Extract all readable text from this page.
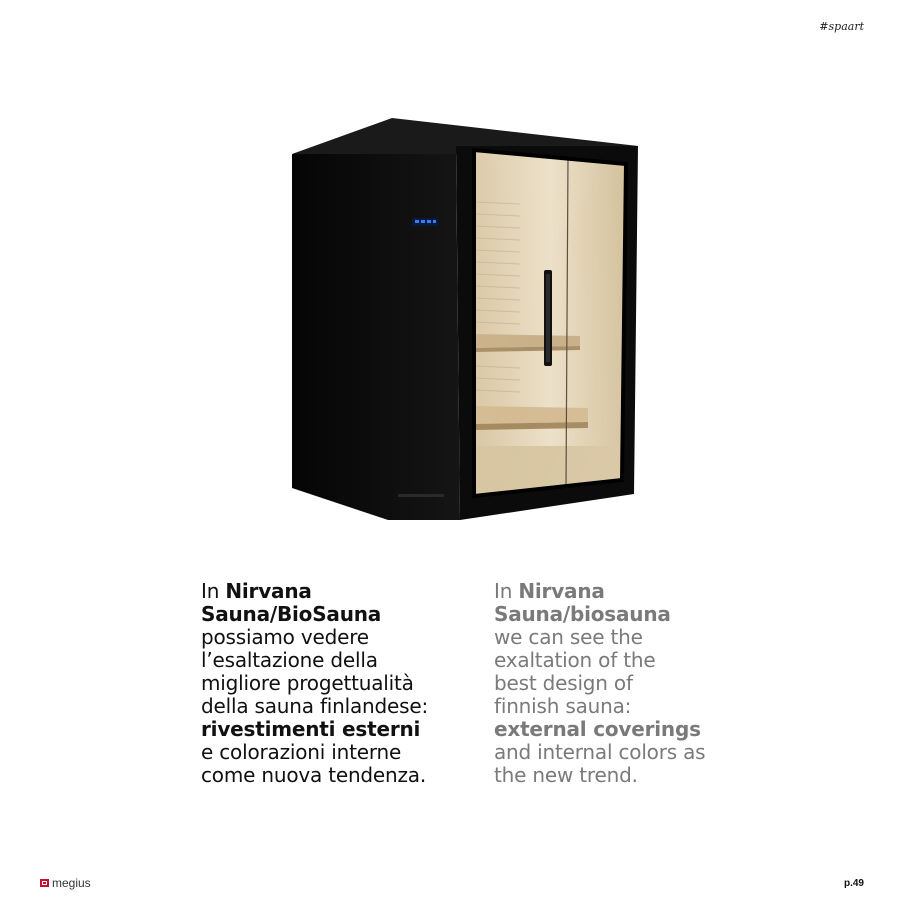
#spaart
In Nirvana
Sauna/BioSauna
possiamo vedere
l’esaltazione della
migliore progettualità
della sauna finlandese:
rivestimenti esterni
e colorazioni interne
come nuova tendenza.
In Nirvana
Sauna/biosauna
we can see the
exaltation of the
best design of
finnish sauna:
external coverings
and internal colors as
the new trend.
megius	p.49
